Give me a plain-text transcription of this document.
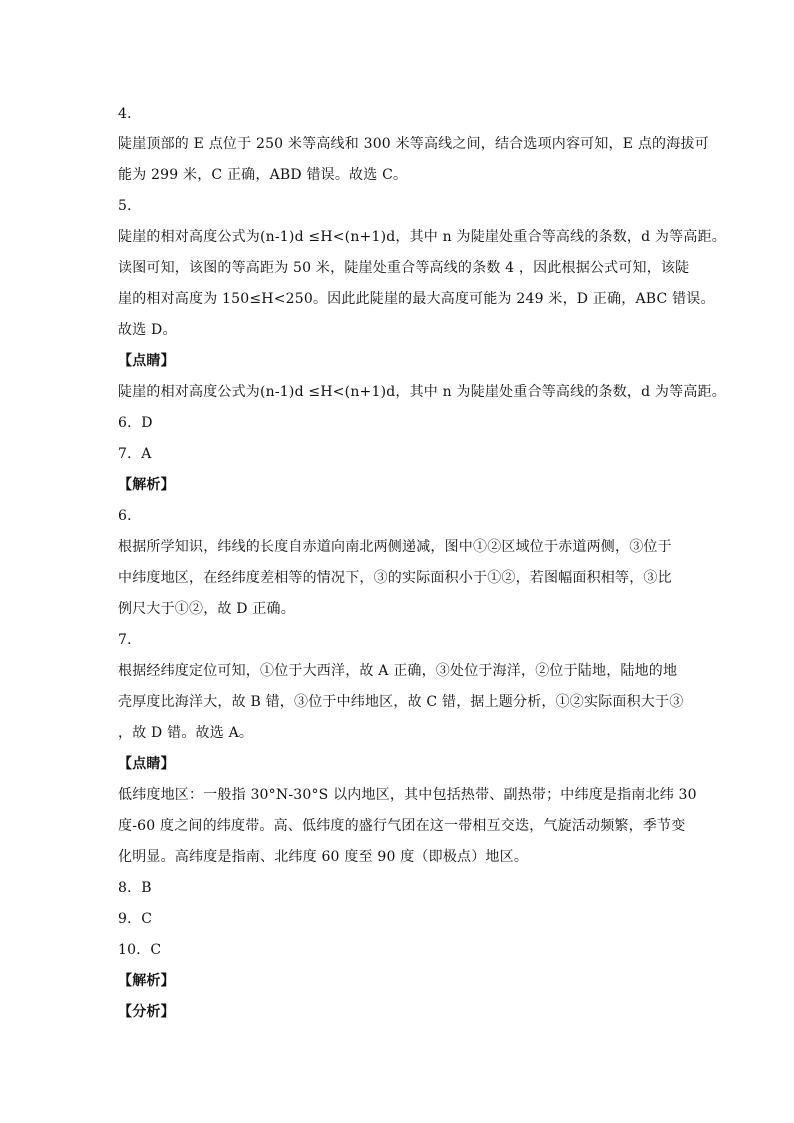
4．
陡崖顶部的 E 点位于 250 米等高线和 300 米等高线之间，结合选项内容可知，E 点的海拔可
能为 299 米，C 正确，ABD 错误。故选 C。
5．
陡崖的相对高度公式为(n-1)d ≤H<(n+1)d，其中 n 为陡崖处重合等高线的条数，d 为等高距。
读图可知，该图的等高距为 50 米，陡崖处重合等高线的条数 4 ，因此根据公式可知，该陡
崖的相对高度为 150≤H<250。因此此陡崖的最大高度可能为 249 米，D 正确，ABC 错误。
故选 D。
【点睛】
陡崖的相对高度公式为(n-1)d ≤H<(n+1)d，其中 n 为陡崖处重合等高线的条数，d 为等高距。
6．D
7．A
【解析】
6．
根据所学知识，纬线的长度自赤道向南北两侧递减，图中①②区域位于赤道两侧，③位于
中纬度地区，在经纬度差相等的情况下，③的实际面积小于①②，若图幅面积相等，③比
例尺大于①②，故 D 正确。
7．
根据经纬度定位可知，①位于大西洋，故 A 正确，③处位于海洋，②位于陆地，陆地的地
壳厚度比海洋大，故 B 错，③位于中纬地区，故 C 错，据上题分析，①②实际面积大于③
，故 D 错。故选 A。
【点睛】
低纬度地区：一般指 30°N-30°S 以内地区，其中包括热带、副热带；中纬度是指南北纬 30
度-60 度之间的纬度带。高、低纬度的盛行气团在这一带相互交迭，气旋活动频繁，季节变
化明显。高纬度是指南、北纬度 60 度至 90 度（即极点）地区。
8．B
9．C
10．C
【解析】
【分析】
